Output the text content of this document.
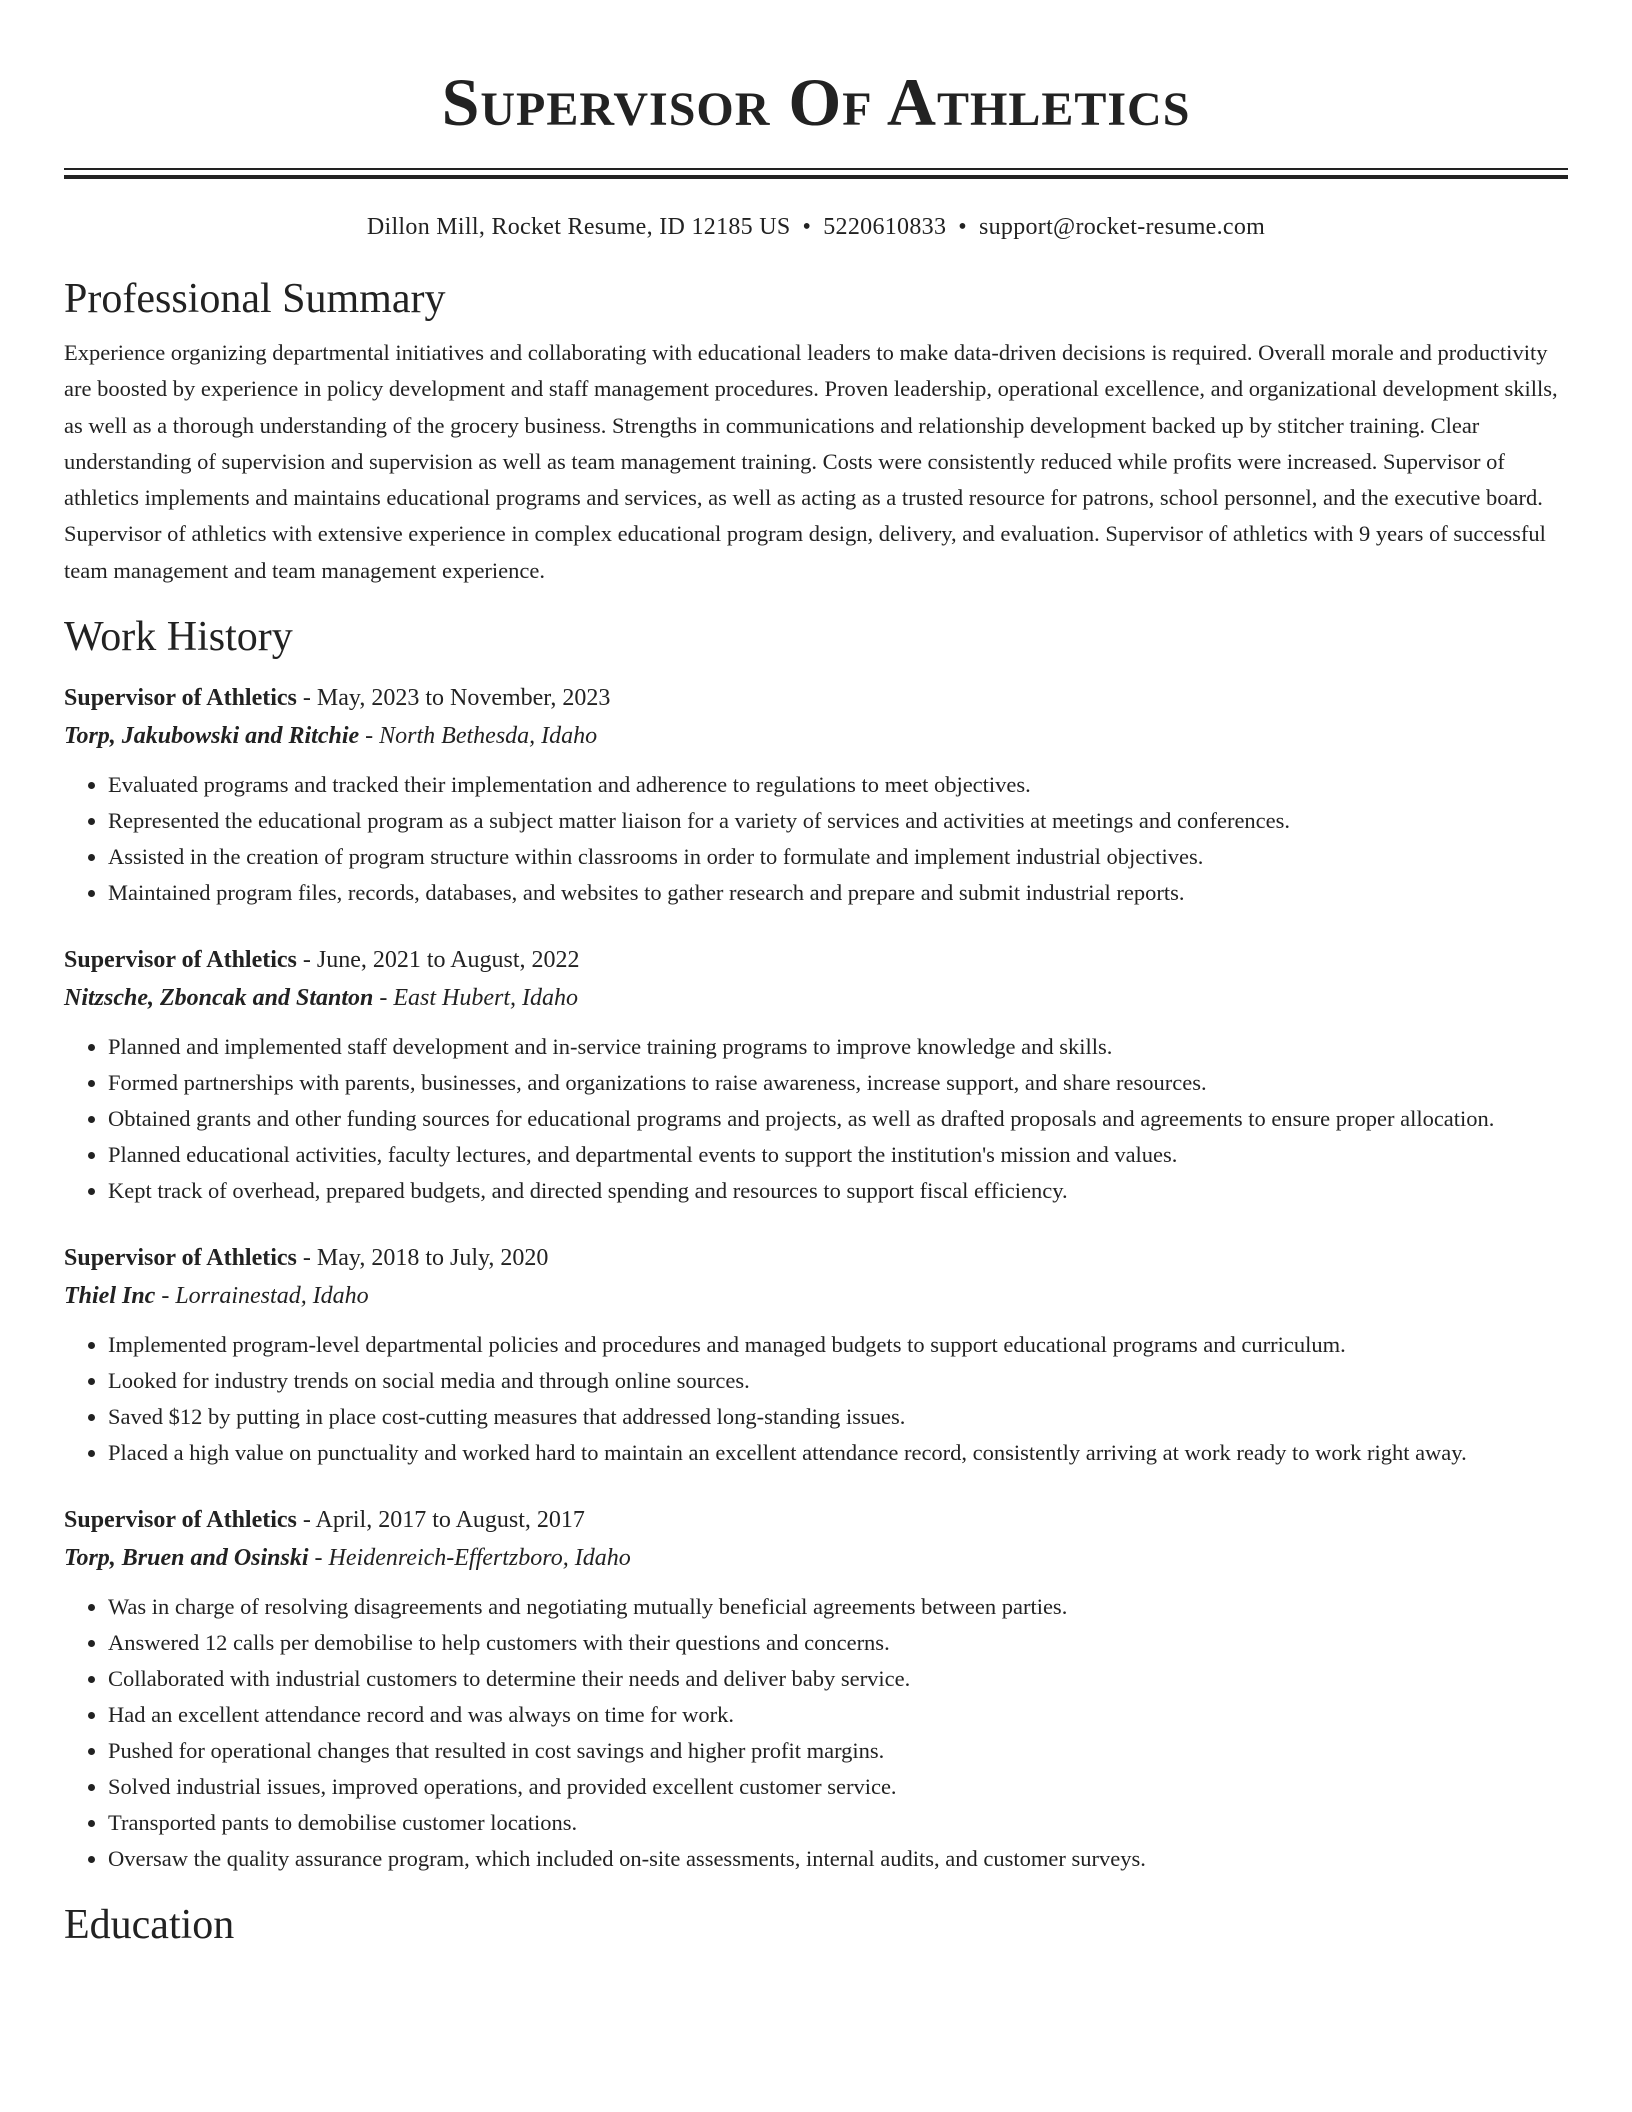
Supervisor Of Athletics
Dillon Mill, Rocket Resume, ID 12185 US • 5220610833 • support@rocket-resume.com
Professional Summary
Experience organizing departmental initiatives and collaborating with educational leaders to make data-driven decisions is required. Overall morale and productivity are boosted by experience in policy development and staff management procedures. Proven leadership, operational excellence, and organizational development skills, as well as a thorough understanding of the grocery business. Strengths in communications and relationship development backed up by stitcher training. Clear understanding of supervision and supervision as well as team management training. Costs were consistently reduced while profits were increased. Supervisor of athletics implements and maintains educational programs and services, as well as acting as a trusted resource for patrons, school personnel, and the executive board. Supervisor of athletics with extensive experience in complex educational program design, delivery, and evaluation. Supervisor of athletics with 9 years of successful team management and team management experience.
Work History
Supervisor of Athletics - May, 2023 to November, 2023
Torp, Jakubowski and Ritchie - North Bethesda, Idaho
• Evaluated programs and tracked their implementation and adherence to regulations to meet objectives.
• Represented the educational program as a subject matter liaison for a variety of services and activities at meetings and conferences.
• Assisted in the creation of program structure within classrooms in order to formulate and implement industrial objectives.
• Maintained program files, records, databases, and websites to gather research and prepare and submit industrial reports.
Supervisor of Athletics - June, 2021 to August, 2022
Nitzsche, Zboncak and Stanton - East Hubert, Idaho
• Planned and implemented staff development and in-service training programs to improve knowledge and skills.
• Formed partnerships with parents, businesses, and organizations to raise awareness, increase support, and share resources.
• Obtained grants and other funding sources for educational programs and projects, as well as drafted proposals and agreements to ensure proper allocation.
• Planned educational activities, faculty lectures, and departmental events to support the institution's mission and values.
• Kept track of overhead, prepared budgets, and directed spending and resources to support fiscal efficiency.
Supervisor of Athletics - May, 2018 to July, 2020
Thiel Inc - Lorrainestad, Idaho
• Implemented program-level departmental policies and procedures and managed budgets to support educational programs and curriculum.
• Looked for industry trends on social media and through online sources.
• Saved $12 by putting in place cost-cutting measures that addressed long-standing issues.
• Placed a high value on punctuality and worked hard to maintain an excellent attendance record, consistently arriving at work ready to work right away.
Supervisor of Athletics - April, 2017 to August, 2017
Torp, Bruen and Osinski - Heidenreich-Effertzboro, Idaho
• Was in charge of resolving disagreements and negotiating mutually beneficial agreements between parties.
• Answered 12 calls per demobilise to help customers with their questions and concerns.
• Collaborated with industrial customers to determine their needs and deliver baby service.
• Had an excellent attendance record and was always on time for work.
• Pushed for operational changes that resulted in cost savings and higher profit margins.
• Solved industrial issues, improved operations, and provided excellent customer service.
• Transported pants to demobilise customer locations.
• Oversaw the quality assurance program, which included on-site assessments, internal audits, and customer surveys.
Education
